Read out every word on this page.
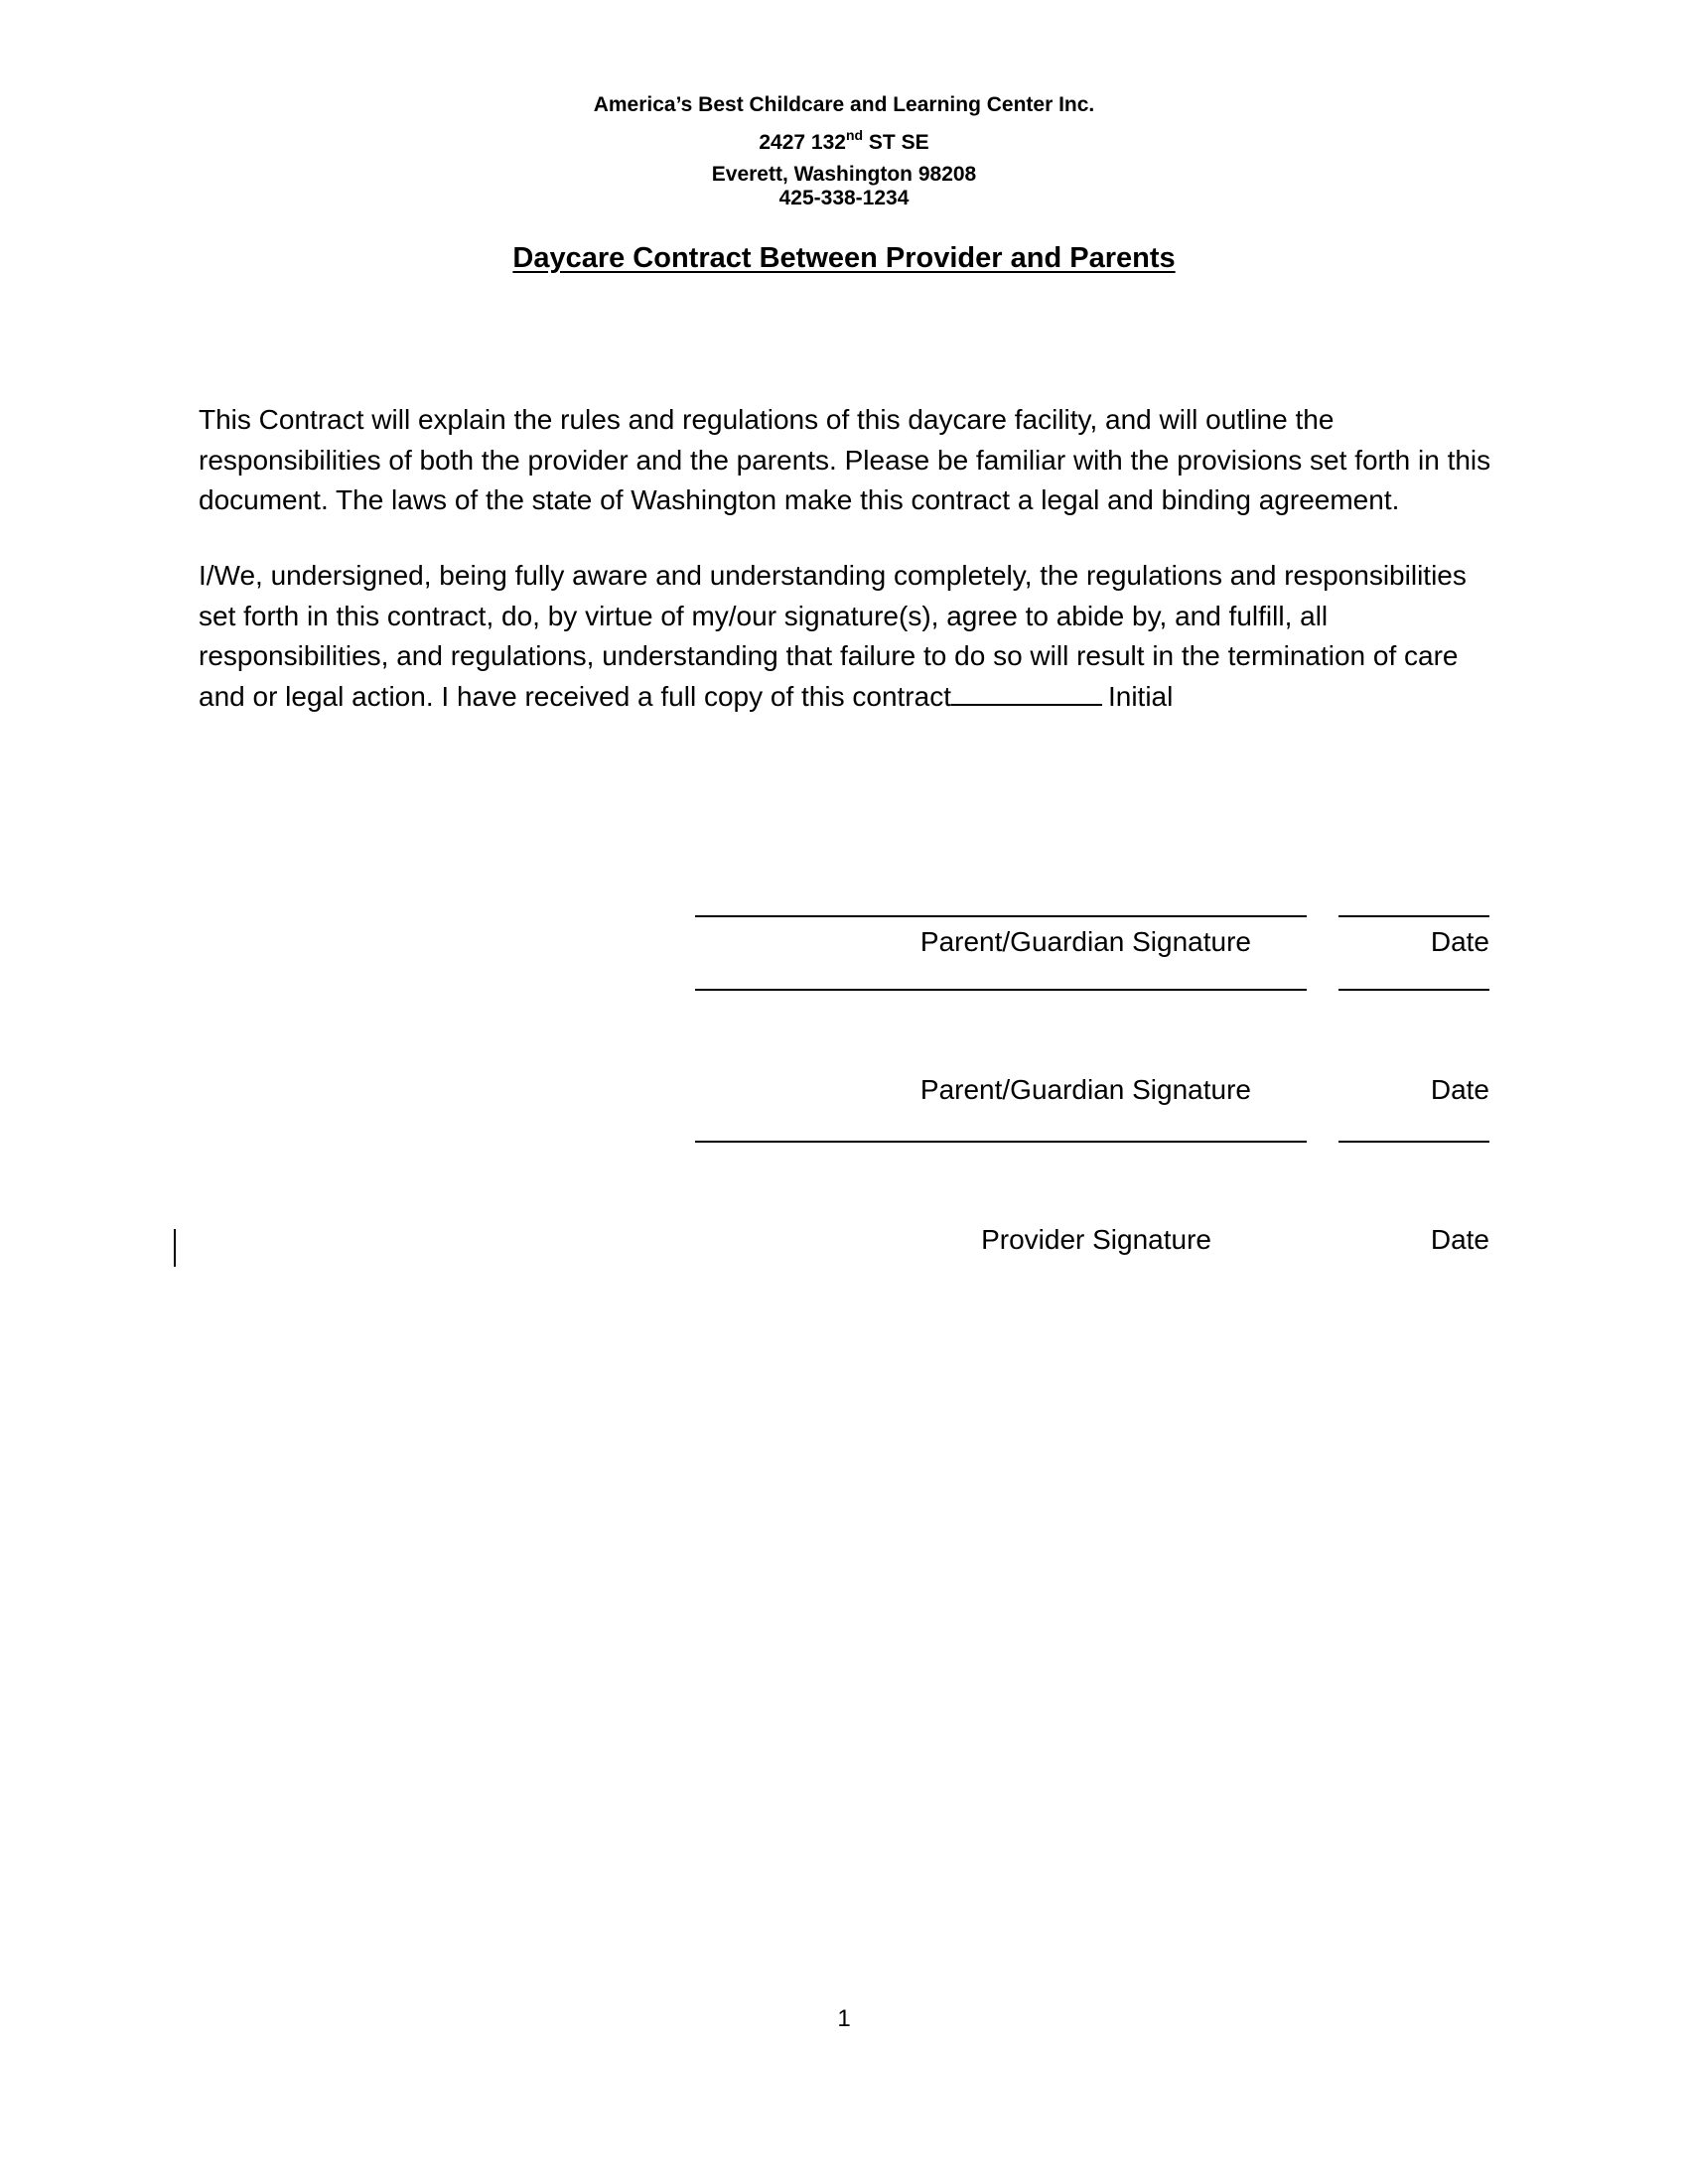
America’s Best Childcare and Learning Center Inc.
2427 132nd ST SE
Everett, Washington 98208
425-338-1234
Daycare Contract Between Provider and Parents

This Contract will explain the rules and regulations of this daycare facility, and will outline the responsibilities of both the provider and the parents. Please be familiar with the provisions set forth in this document. The laws of the state of Washington make this contract a legal and binding agreement.

I/We, undersigned, being fully aware and understanding completely, the regulations and responsibilities set forth in this contract, do, by virtue of my/our signature(s), agree to abide by, and fulfill, all responsibilities, and regulations, understanding that failure to do so will result in the termination of care and or legal action. I have received a full copy of this contract	Initial

Parent/Guardian Signature	Date
Parent/Guardian Signature	Date
Provider Signature	Date
1
